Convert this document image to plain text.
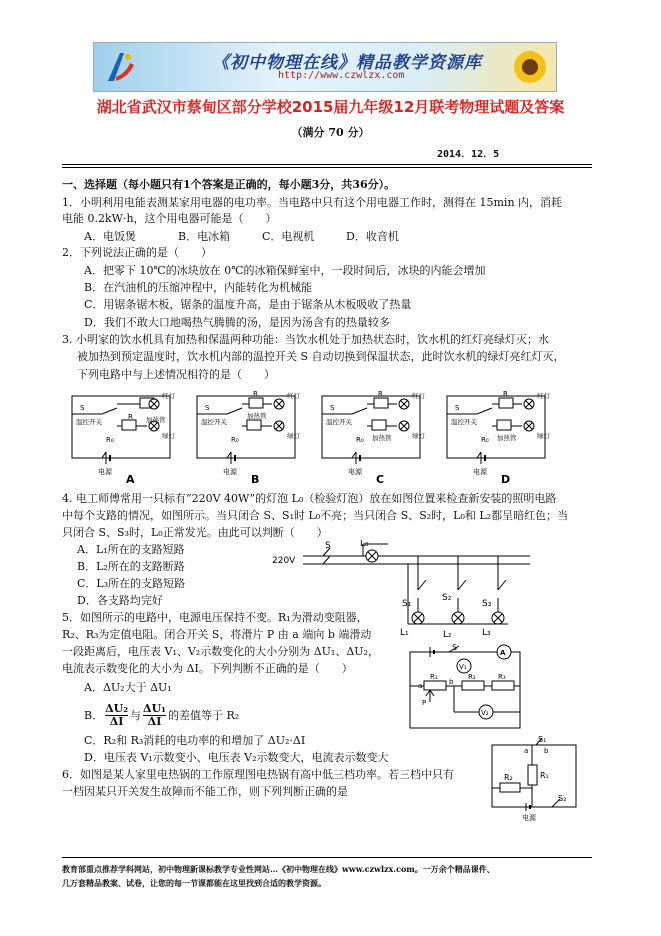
《初中物理在线》精品教学资源库
http://www.czwlzx.com
湖北省武汉市蔡甸区部分学校2015届九年级12月联考物理试题及答案
（满分 70 分）
2014．12．5
一、选择题（每小题只有1个答案是正确的，每小题3分，共36分）。
1．小明利用电能表测某家用电器的电功率。当电路中只有这个用电器工作时，测得在 15min 内，消耗
电能 0.2kW·h，这个用电器可能是（　　）
A．电饭煲	B．电冰箱	C．电视机	D．收音机
2．下列说法正确的是（　　）
A．把零下 10℃的冰块放在 0℃的冰箱保鲜室中，一段时间后，冰块的内能会增加
B．在汽油机的压缩冲程中，内能转化为机械能
C．用锯条锯木板，锯条的温度升高，是由于锯条从木板吸收了热量
D．我们不敢大口地喝热气腾腾的汤，是因为汤含有的热量较多
3. 小明家的饮水机具有加热和保温两种功能：当饮水机处于加热状态时，饮水机的红灯亮绿灯灭；水
被加热到预定温度时，饮水机内部的温控开关 S 自动切换到保温状态，此时饮水机的绿灯亮红灯灭，
下列电路中与上述情况相符的是（　　）
S
温控开关
R
R₀
红灯
绿灯
加热管
电源
A
S
温控开关
R
R₀
红灯
绿灯
加热管
电源
B
S
温控开关
R
R₀
红灯
绿灯
加热管
电源
C
S
温控开关
R
R₀
红灯
绿灯
加热管
电源
D
4. 电工师傅常用一只标有“220V 40W”的灯泡 L₀（检验灯泡）放在如图位置来检查新安装的照明电路
中每个支路的情况，如图所示。当只闭合 S、S₁时 L₀不亮；当只闭合 S、S₂时，L₀和 L₂都呈暗红色；当
只闭合 S、S₃时，L₀正常发光。由此可以判断（　　）
A．L₁所在的支路短路
B．L₂所在的支路断路
C．L₃所在的支路短路
D．各支路均完好
220V
S	L₀
S₁
S₂
S₃
L₁	L₂	L₃
5．如图所示的电路中，电源电压保持不变。R₁为滑动变阻器，
R₂、R₃为定值电阻。闭合开关 S，将滑片 P 由 a 端向 b 端滑动
一段距离后，电压表 V₁、V₂示数变化的大小分别为 ΔU₁、ΔU₂，
电流表示数变化的大小为 ΔI。下列判断不正确的是（　　）
A．ΔU₂大于 ΔU₁
B． $\frac{\text{ΔU₂}}{\Delta I}$ 与 $\frac{\text{ΔU₁}}{\Delta I}$ 的差值等于 R₂
C．R₂和 R₃消耗的电功率的和增加了 ΔU₂·ΔI
D．电压表 V₁示数变小、电压表 V₂示数变大，电流表示数变大
S
A
V₁
V₂
R₁	R₂	R₃
a	b
P
6．如图是某人家里电热锅的工作原理图电热锅有高中低三档功率。若三档中只有
一档因某只开关发生故障而不能工作，则下列判断正确的是
S₁
a b
R₁
R₂
S₂
电源
教育部重点推荐学科网站，初中物理新课标教学专业性网站…《初中物理在线》www.czwlzx.com。一万余个精品课件、
几万套精品教案、试卷，让您的每一节课都能在这里找到合适的教学资源。
